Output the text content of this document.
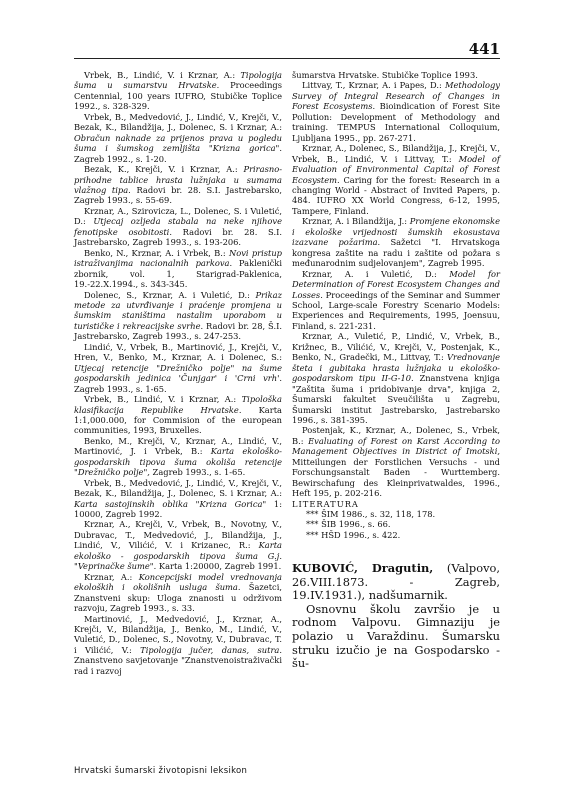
441

Vrbek, B., Lindić, V. i Krznar, A.: Tipologija šuma u sumarstvu Hrvatske. Proceedings Centennial, 100 years IUFRO, Stubičke Toplice 1992., s. 328-329.

Vrbek, B., Medvedović, J., Lindić, V., Krejči, V., Bezak, K., Bilandžija, J., Dolenec, S. i Krznar, A.: Obračun naknade za prijenos prava u pogledu šuma i šumskog zemljišta "Krizna gorica". Zagreb 1992., s. 1-20.

Bezak, K., Krejči, V. i Krznar, A.: Prirasno-prihodne tablice hrasta lužnjaka u sumama vlažnog tipa. Radovi br. 28. S.I. Jastrebarsko, Zagreb 1993., s. 55-69.

Krznar, A., Szirovicza, L., Dolenec, S. i Vuletić, D.: Utjecaj ozljeda stabala na neke njihove fenotipske osobitosti. Radovi br. 28. S.I. Jastrebarsko, Zagreb 1993., s. 193-206.

Benko, N., Krznar, A. i Vrbek, B.: Novi pristup istraživanjima nacionalnih parkova. Paklenički zbornik, vol. 1, Starigrad-Paklenica, 19.-22.X.1994., s. 343-345.

Dolenec, S., Krznar, A. i Vuletić, D.: Prikaz metode za utvrđivanje i praćenje promjena u šumskim staništima nastalim uporabom u turističke i rekreacijske svrhe. Radovi br. 28, Š.I. Jastrebarsko, Zagreb 1993., s. 247-253.

Lindić, V., Vrbek, B., Martinović, J., Krejči, V., Hren, V., Benko, M., Krznar, A. i Dolenec, S.: Utjecaj retencije "Drežničko polje" na šume gospodarskih jedinica 'Čunjgar' i 'Crni vrh'. Zagreb 1993., s. 1-65.

Vrbek, B., Lindić, V. i Krznar, A.: Tipološka klasifikacija Republike Hrvatske. Karta 1:1,000.000, for Commision of the european communities, 1993, Bruxelles.

Benko, M., Krejči, V., Krznar, A., Lindić, V., Martinović, J. i Vrbek, B.: Karta ekološko-gospodarskih tipova šuma okoliša retencije "Drežničko polje", Zagreb 1993., s. 1-65.

Vrbek, B., Medvedović, J., Lindić, V., Krejči, V., Bezak, K., Bilandžija, J., Dolenec, S. i Krznar, A.: Karta sastojinskih oblika "Krizna Gorica" 1: 10000, Zagreb 1992.

Krznar, A., Krejči, V., Vrbek, B., Novotny, V., Dubravac, T., Medvedović, J., Bilandžija, J., Lindić, V., Vilićić, V. i Krizanec, R.: Karta ekološko - gospodarskih tipova šuma G.j. "Veprinačke šume". Karta 1:20000, Zagreb 1991.

Krznar, A.: Koncepcijski model vrednovanja ekoloških i okolišnih usluga šuma. Šazetci, Znanstveni skup: Uloga znanosti u održivom razvoju, Zagreb 1993., s. 33.

Martinović, J., Medvedović, J., Krznar, A., Krejči, V., Bilandžija, J., Benko, M., Lindić, V., Vuletić, D., Dolenec, S., Novotny, V., Dubravac, T. i Vilićić, V.: Tipologija jučer, danas, sutra. Znanstveno savjetovanje "Znanstvenoistraživački rad i razvoj

šumarstva Hrvatske. Stubičke Toplice 1993.

Littvay, T., Krznar, A. i Papes, D.: Methodology Survey of Integral Research of Changes in Forest Ecosystems. Bioindication of Forest Site Pollution: Development of Methodology and training. TEMPUS International Colloquium, Ljubljana 1995., pp. 267-271.

Krznar, A., Dolenec, S., Bilandžija, J., Krejči, V., Vrbek, B., Lindić, V. i Littvay, T.: Model of Evaluation of Environmental Capital of Forest Ecosystem. Caring for the forest: Research in a changing World - Abstract of Invited Papers, p. 484. IUFRO XX World Congress, 6-12, 1995, Tampere, Finland.

Krznar, A. i Bilandžija, J.: Promjene ekonomske i ekološke vrijednosti šumskih ekosustava izazvane požarima. Sažetci "I. Hrvatskoga kongresa zaštite na radu i zaštite od požara s međunarodnim sudjelovanjem", Zagreb 1995.

Krznar, A. i Vuletić, D.: Model for Determination of Forest Ecosystem Changes and Losses. Proceedings of the Seminar and Summer School, Large-scale Forestry Scenario Models: Experiences and Requirements, 1995, Joensuu, Finland, s. 221-231.

Krznar, A., Vuletić, P., Lindić, V., Vrbek, B., Križnec, B., Vilićić, V., Krejči, V., Postenjak, K., Benko, N., Gradečki, M., Littvay, T.: Vrednovanje šteta i gubitaka hrasta lužnjaka u ekološko-gospodarskom tipu II-G-10. Znanstvena knjiga "Zaštita šuma i pridobivanje drva", knjiga 2, Šumarski fakultet Sveučilišta u Zagrebu, Šumarski institut Jastrebarsko, Jastrebarsko 1996., s. 381-395.

Postenjak, K., Krznar, A., Dolenec, S., Vrbek, B.: Evaluating of Forest on Karst According to Management Objectives in District of Imotski, Mitteilungen der Forstlichen Versuchs - und Forschungsanstalt Baden - Wurttemberg. Bewirschafung des Kleinprivatwaldes, 1996., Heft 195, p. 202-216.

LITERATURA

*** ŠIM 1986., s. 32, 118, 178.

*** ŠIB 1996., s. 66.

*** HŠD 1996., s. 422.

KUBOVIĆ, Dragutin, (Valpovo, 26.VIII.1873. - Zagreb, 19.IV.1931.), nadšumarnik.

Osnovnu školu završio je u rodnom Valpovu. Gimnaziju je polazio u Varaždinu. Šumarsku struku izučio je na Gospodarsko - šu-

Hrvatski šumarski životopisni leksikon
